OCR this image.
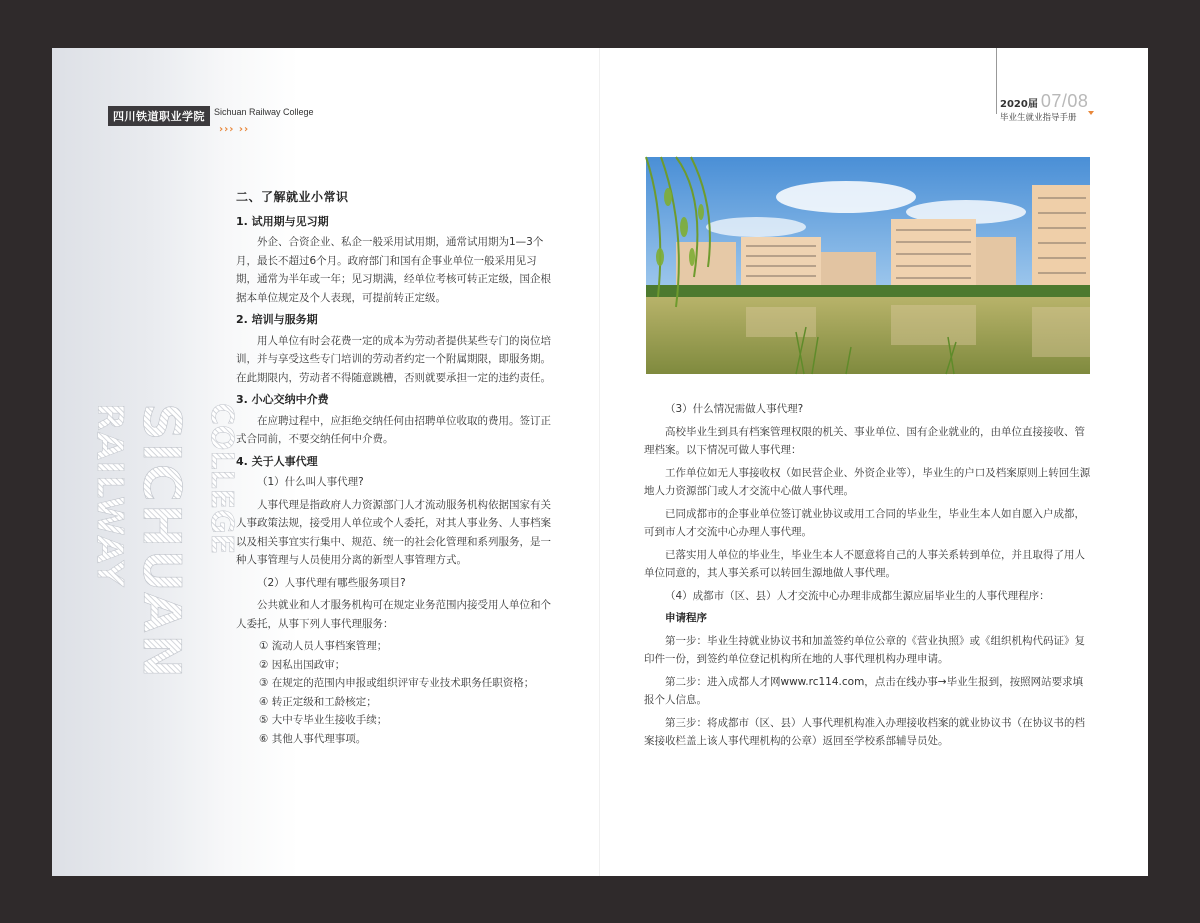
四川铁道职业学院	Sichuan Railway College
››› ››
2020届 07/08
毕业生就业指导手册
SICHUAN
RAILWAY COLLEGE
二、了解就业小常识
1. 试用期与见习期

外企、合资企业、私企一般采用试用期，通常试用期为1—3个月，最长不超过6个月。政府部门和国有企事业单位一般采用见习期，通常为半年或一年；见习期满，经单位考核可转正定级，国企根据本单位规定及个人表现，可提前转正定级。

2. 培训与服务期

用人单位有时会花费一定的成本为劳动者提供某些专门的岗位培训，并与享受这些专门培训的劳动者约定一个附属期限，即服务期。在此期限内，劳动者不得随意跳槽，否则就要承担一定的违约责任。

3. 小心交纳中介费

在应聘过程中，应拒绝交纳任何由招聘单位收取的费用。签订正式合同前，不要交纳任何中介费。

4. 关于人事代理

（1）什么叫人事代理?

人事代理是指政府人力资源部门人才流动服务机构依据国家有关人事政策法规，接受用人单位或个人委托，对其人事业务、人事档案以及相关事宜实行集中、规范、统一的社会化管理和系列服务，是一种人事管理与人员使用分离的新型人事管理方式。

（2）人事代理有哪些服务项目?

公共就业和人才服务机构可在规定业务范围内接受用人单位和个人委托，从事下列人事代理服务：

① 流动人员人事档案管理；
② 因私出国政审；
③ 在规定的范围内申报或组织评审专业技术职务任职资格；
④ 转正定级和工龄核定；
⑤ 大中专毕业生接收手续；
⑥ 其他人事代理事项。

（3）什么情况需做人事代理?

高校毕业生到具有档案管理权限的机关、事业单位、国有企业就业的，由单位直接接收、管理档案。以下情况可做人事代理：

工作单位如无人事接收权（如民营企业、外资企业等），毕业生的户口及档案原则上转回生源地人力资源部门或人才交流中心做人事代理。

已同成都市的企事业单位签订就业协议或用工合同的毕业生，毕业生本人如自愿入户成都，可到市人才交流中心办理人事代理。

已落实用人单位的毕业生，毕业生本人不愿意将自己的人事关系转到单位，并且取得了用人单位同意的，其人事关系可以转回生源地做人事代理。

（4）成都市（区、县）人才交流中心办理非成都生源应届毕业生的人事代理程序：

申请程序

第一步：毕业生持就业协议书和加盖签约单位公章的《营业执照》或《组织机构代码证》复印件一份，到签约单位登记机构所在地的人事代理机构办理申请。

第二步：进入成都人才网www.rc114.com，点击在线办事→毕业生报到，按照网站要求填报个人信息。

第三步：将成都市（区、县）人事代理机构准入办理接收档案的就业协议书（在协议书的档案接收栏盖上该人事代理机构的公章）返回至学校系部辅导员处。
